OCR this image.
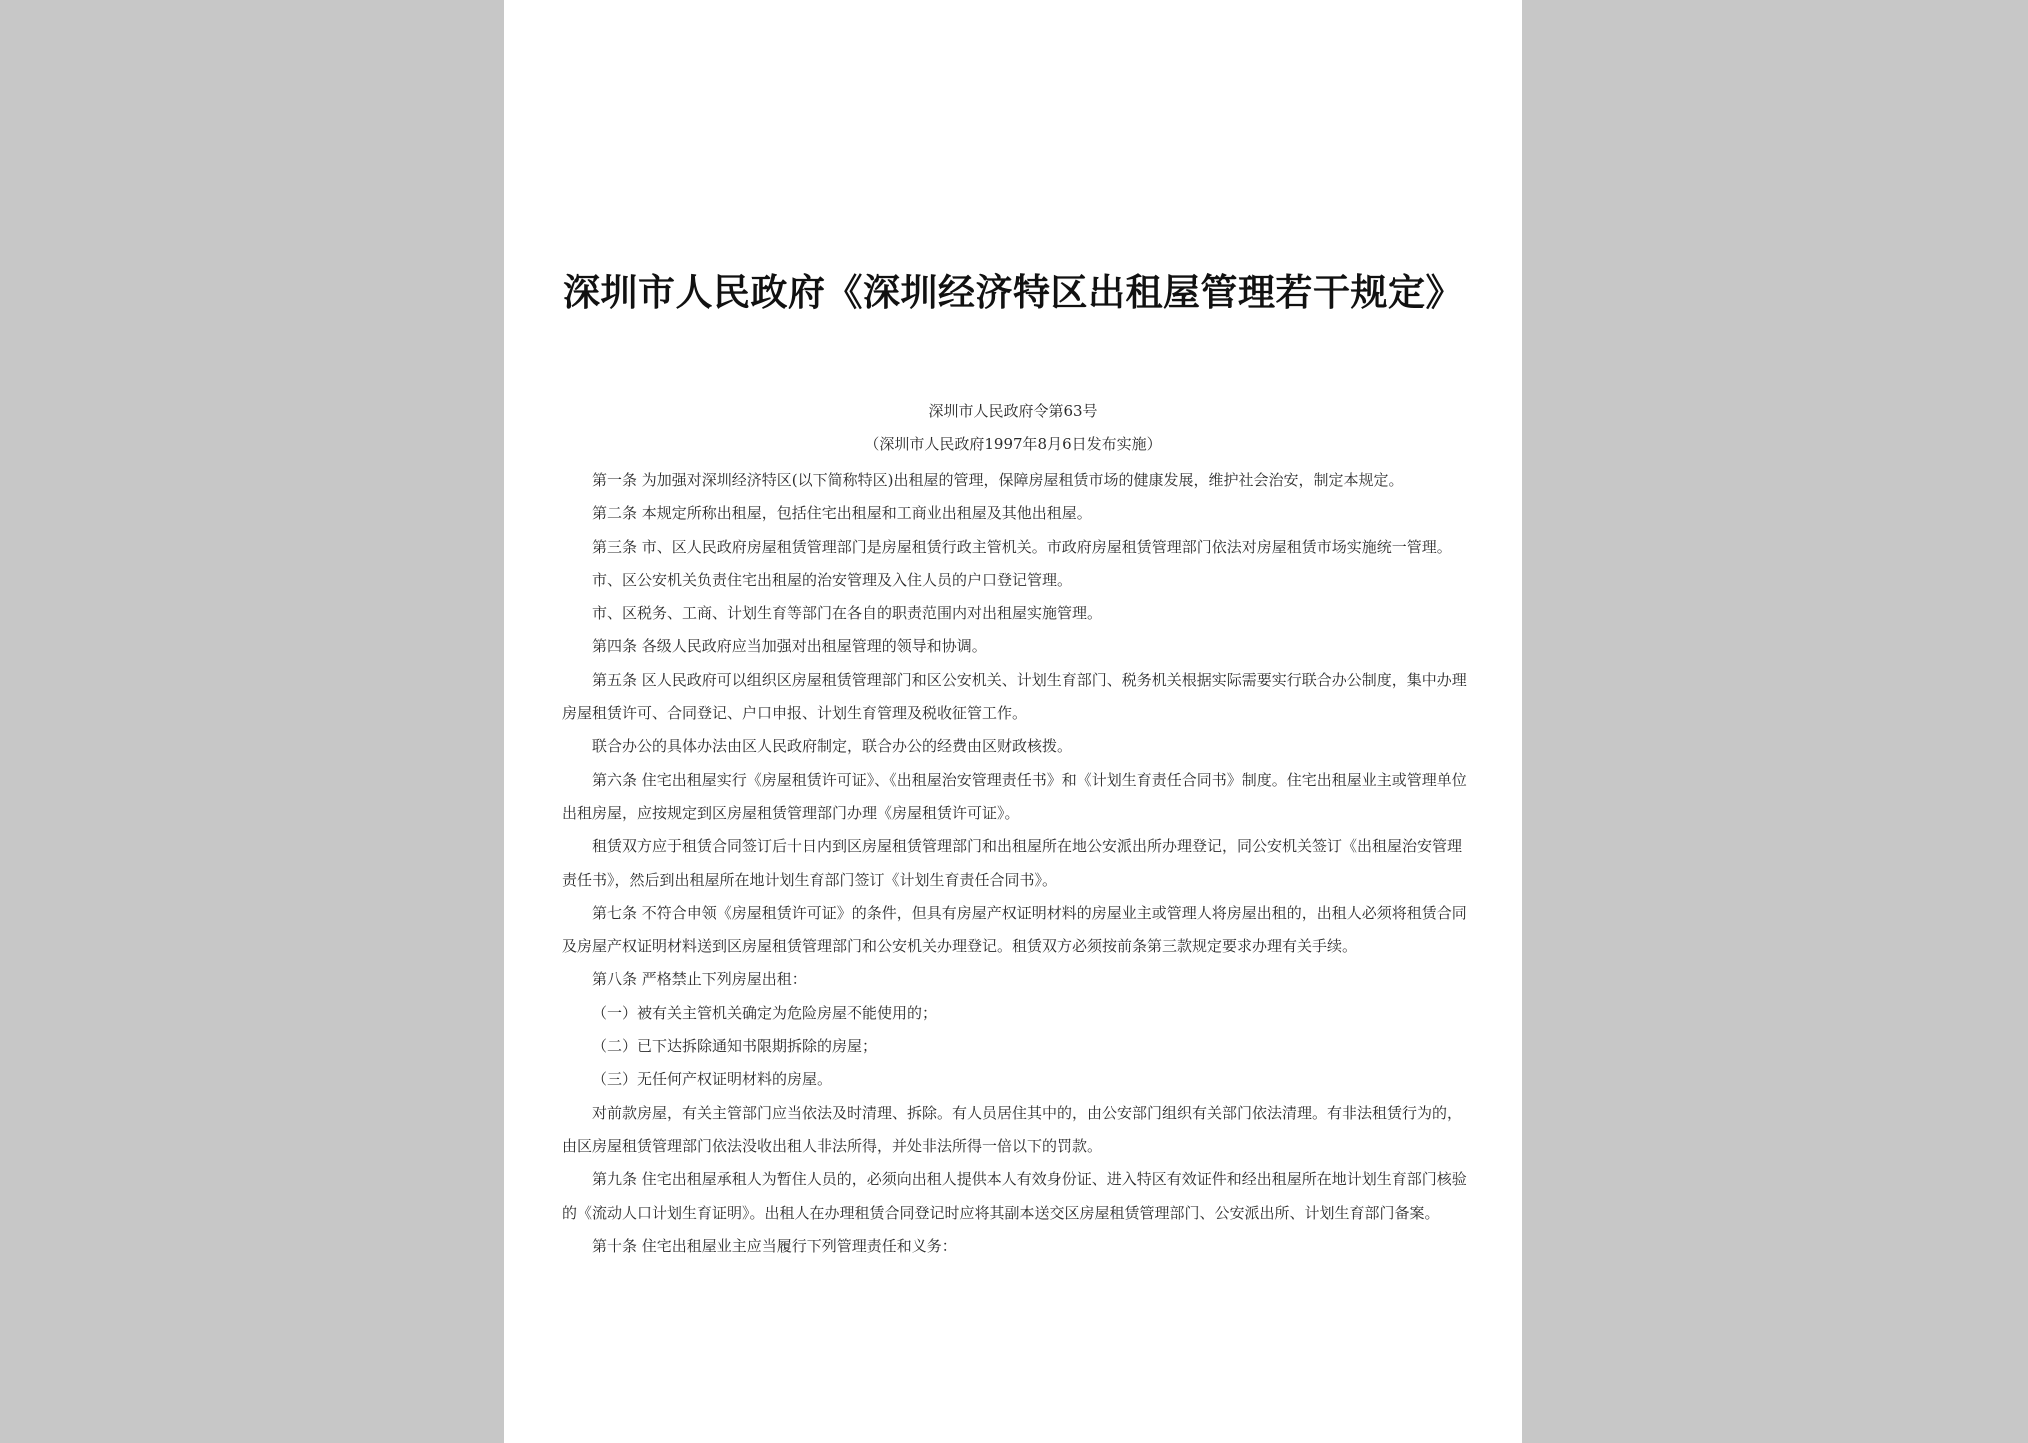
深圳市人民政府《深圳经济特区出租屋管理若干规定》
深圳市人民政府令第63号
（深圳市人民政府1997年8月6日发布实施）

第一条 为加强对深圳经济特区(以下简称特区)出租屋的管理，保障房屋租赁市场的健康发展，维护社会治安，制定本规定。

第二条 本规定所称出租屋，包括住宅出租屋和工商业出租屋及其他出租屋。

第三条 市、区人民政府房屋租赁管理部门是房屋租赁行政主管机关。市政府房屋租赁管理部门依法对房屋租赁市场实施统一管理。

市、区公安机关负责住宅出租屋的治安管理及入住人员的户口登记管理。

市、区税务、工商、计划生育等部门在各自的职责范围内对出租屋实施管理。

第四条 各级人民政府应当加强对出租屋管理的领导和协调。

第五条 区人民政府可以组织区房屋租赁管理部门和区公安机关、计划生育部门、税务机关根据实际需要实行联合办公制度，集中办理房屋租赁许可、合同登记、户口申报、计划生育管理及税收征管工作。

联合办公的具体办法由区人民政府制定，联合办公的经费由区财政核拨。

第六条 住宅出租屋实行《房屋租赁许可证》、《出租屋治安管理责任书》和《计划生育责任合同书》制度。住宅出租屋业主或管理单位出租房屋，应按规定到区房屋租赁管理部门办理《房屋租赁许可证》。

租赁双方应于租赁合同签订后十日内到区房屋租赁管理部门和出租屋所在地公安派出所办理登记，同公安机关签订《出租屋治安管理责任书》，然后到出租屋所在地计划生育部门签订《计划生育责任合同书》。

第七条 不符合申领《房屋租赁许可证》的条件，但具有房屋产权证明材料的房屋业主或管理人将房屋出租的，出租人必须将租赁合同及房屋产权证明材料送到区房屋租赁管理部门和公安机关办理登记。租赁双方必须按前条第三款规定要求办理有关手续。

第八条 严格禁止下列房屋出租：

（一）被有关主管机关确定为危险房屋不能使用的；

（二）已下达拆除通知书限期拆除的房屋；

（三）无任何产权证明材料的房屋。

对前款房屋，有关主管部门应当依法及时清理、拆除。有人员居住其中的，由公安部门组织有关部门依法清理。有非法租赁行为的，由区房屋租赁管理部门依法没收出租人非法所得，并处非法所得一倍以下的罚款。

第九条 住宅出租屋承租人为暂住人员的，必须向出租人提供本人有效身份证、进入特区有效证件和经出租屋所在地计划生育部门核验的《流动人口计划生育证明》。出租人在办理租赁合同登记时应将其副本送交区房屋租赁管理部门、公安派出所、计划生育部门备案。

第十条 住宅出租屋业主应当履行下列管理责任和义务：
